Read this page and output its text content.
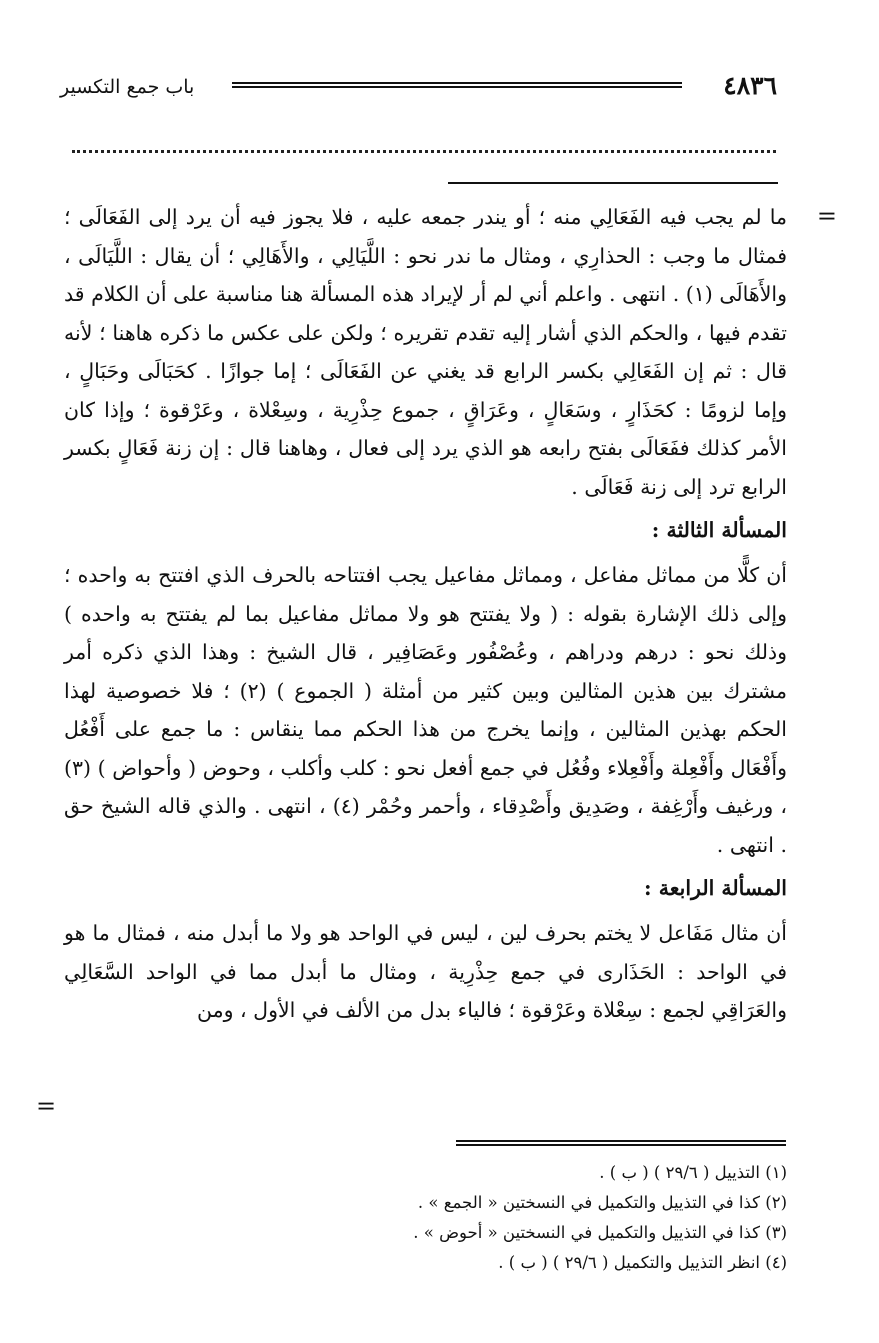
٤٨٣٦
باب جمع التكسير
=

ما لم يجب فيه الفَعَالِي منه ؛ أو يندر جمعه عليه ، فلا يجوز فيه أن يرد إلى الفَعَالَى ؛ فمثال ما وجب : الحذارِي ، ومثال ما ندر نحو : اللَّيَالِي ، والأَهَالِي ؛ أن يقال : اللَّيَالَى ، والأَهَالَى (١) . انتهى . واعلم أني لم أر لإيراد هذه المسألة هنا مناسبة على أن الكلام قد تقدم فيها ، والحكم الذي أشار إليه تقدم تقريره ؛ ولكن على عكس ما ذكره هاهنا ؛ لأنه قال : ثم إن الفَعَالِي بكسر الرابع قد يغني عن الفَعَالَى ؛ إما جوازًا . كحَبَالَى وحَبَالٍ ، وإما لزومًا : كحَذَارٍ ، وسَعَالٍ ، وعَرَاقٍ ، جموع حِذْرِية ، وسِعْلاة ، وعَرْقوة ؛ وإذا كان الأمر كذلك ففَعَالَى بفتح رابعه هو الذي يرد إلى فعال ، وهاهنا قال : إن زنة فَعَالٍ بكسر الرابع ترد إلى زنة فَعَالَى .

المسألة الثالثة :

أن كلًّا من مماثل مفاعل ، ومماثل مفاعيل يجب افتتاحه بالحرف الذي افتتح به واحده ؛ وإلى ذلك الإشارة بقوله : ( ولا يفتتح هو ولا مماثل مفاعيل بما لم يفتتح به واحده ) وذلك نحو : درهم ودراهم ، وعُصْفُور وعَصَافِير ، قال الشيخ : وهذا الذي ذكره أمر مشترك بين هذين المثالين وبين كثير من أمثلة ( الجموع ) (٢) ؛ فلا خصوصية لهذا الحكم بهذين المثالين ، وإنما يخرج من هذا الحكم مما ينقاس : ما جمع على أَفْعُل وأَفْعَال وأَفْعِلة وأَفْعِلاء وفُعُل في جمع أفعل نحو : كلب وأكلب ، وحوض ( وأحواض ) (٣) ، ورغيف وأَرْغِفة ، وصَدِيق وأَصْدِقاء ، وأحمر وحُمْر (٤) ، انتهى . والذي قاله الشيخ حق . انتهى .

المسألة الرابعة :

أن مثال مَفَاعل لا يختم بحرف لين ، ليس في الواحد هو ولا ما أبدل منه ، فمثال ما هو في الواحد : الحَذَارى في جمع حِذْرِية ، ومثال ما أبدل مما في الواحد السَّعَالِي والعَرَاقِي لجمع : سِعْلاة وعَرْقوة ؛ فالياء بدل من الألف في الأول ، ومن

=
(١) التذييل ( ٢٩/٦ ) ( ب ) .
(٢) كذا في التذييل والتكميل في النسختين « الجمع » .
(٣) كذا في التذييل والتكميل في النسختين « أحوض » .
(٤) انظر التذييل والتكميل ( ٢٩/٦ ) ( ب ) .
